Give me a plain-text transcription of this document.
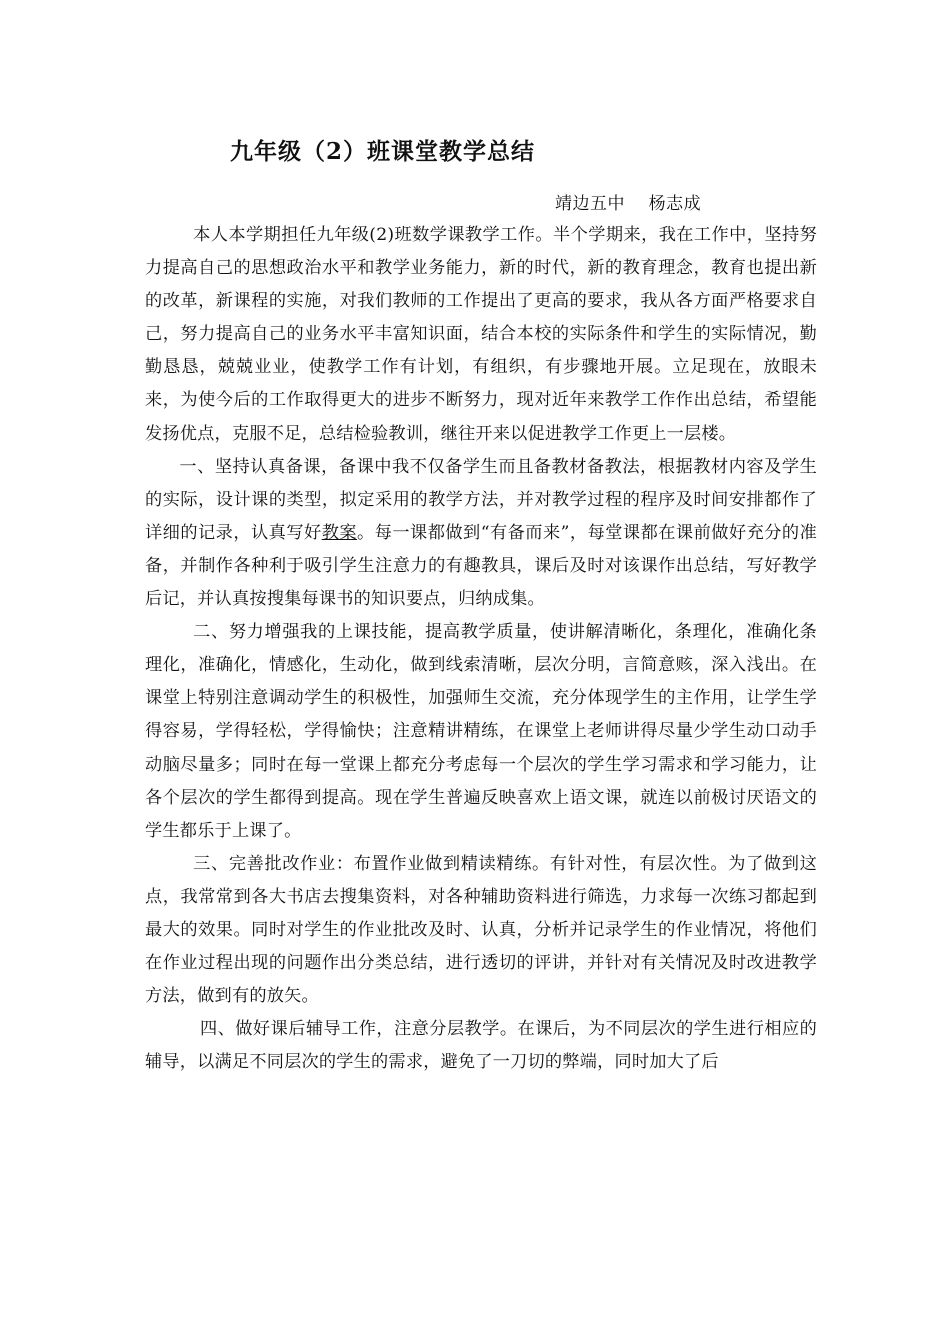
九年级（2）班课堂教学总结
靖边五中    杨志成

本人本学期担任九年级(2)班数学课教学工作。半个学期来，我在工作中，坚持努力提高自己的思想政治水平和教学业务能力，新的时代，新的教育理念，教育也提出新的改革，新课程的实施，对我们教师的工作提出了更高的要求，我从各方面严格要求自己，努力提高自己的业务水平丰富知识面，结合本校的实际条件和学生的实际情况，勤勤恳恳，兢兢业业，使教学工作有计划，有组织，有步骤地开展。立足现在，放眼未来，为使今后的工作取得更大的进步不断努力，现对近年来教学工作作出总结，希望能发扬优点，克服不足，总结检验教训，继往开来以促进教学工作更上一层楼。

一、坚持认真备课，备课中我不仅备学生而且备教材备教法，根据教材内容及学生的实际，设计课的类型，拟定采用的教学方法，并对教学过程的程序及时间安排都作了详细的记录，认真写好教案。每一课都做到“有备而来”，每堂课都在课前做好充分的准备，并制作各种利于吸引学生注意力的有趣教具，课后及时对该课作出总结，写好教学后记，并认真按搜集每课书的知识要点，归纳成集。

二、努力增强我的上课技能，提高教学质量，使讲解清晰化，条理化，准确化条理化，准确化，情感化，生动化，做到线索清晰，层次分明，言简意赅，深入浅出。在课堂上特别注意调动学生的积极性，加强师生交流，充分体现学生的主作用，让学生学得容易，学得轻松，学得愉快；注意精讲精练，在课堂上老师讲得尽量少学生动口动手动脑尽量多；同时在每一堂课上都充分考虑每一个层次的学生学习需求和学习能力，让各个层次的学生都得到提高。现在学生普遍反映喜欢上语文课，就连以前极讨厌语文的学生都乐于上课了。

三、完善批改作业：布置作业做到精读精练。有针对性，有层次性。为了做到这点，我常常到各大书店去搜集资料，对各种辅助资料进行筛选，力求每一次练习都起到最大的效果。同时对学生的作业批改及时、认真，分析并记录学生的作业情况，将他们在作业过程出现的问题作出分类总结，进行透切的评讲，并针对有关情况及时改进教学方法，做到有的放矢。

四、做好课后辅导工作，注意分层教学。在课后，为不同层次的学生进行相应的辅导，以满足不同层次的学生的需求，避免了一刀切的弊端，同时加大了后
